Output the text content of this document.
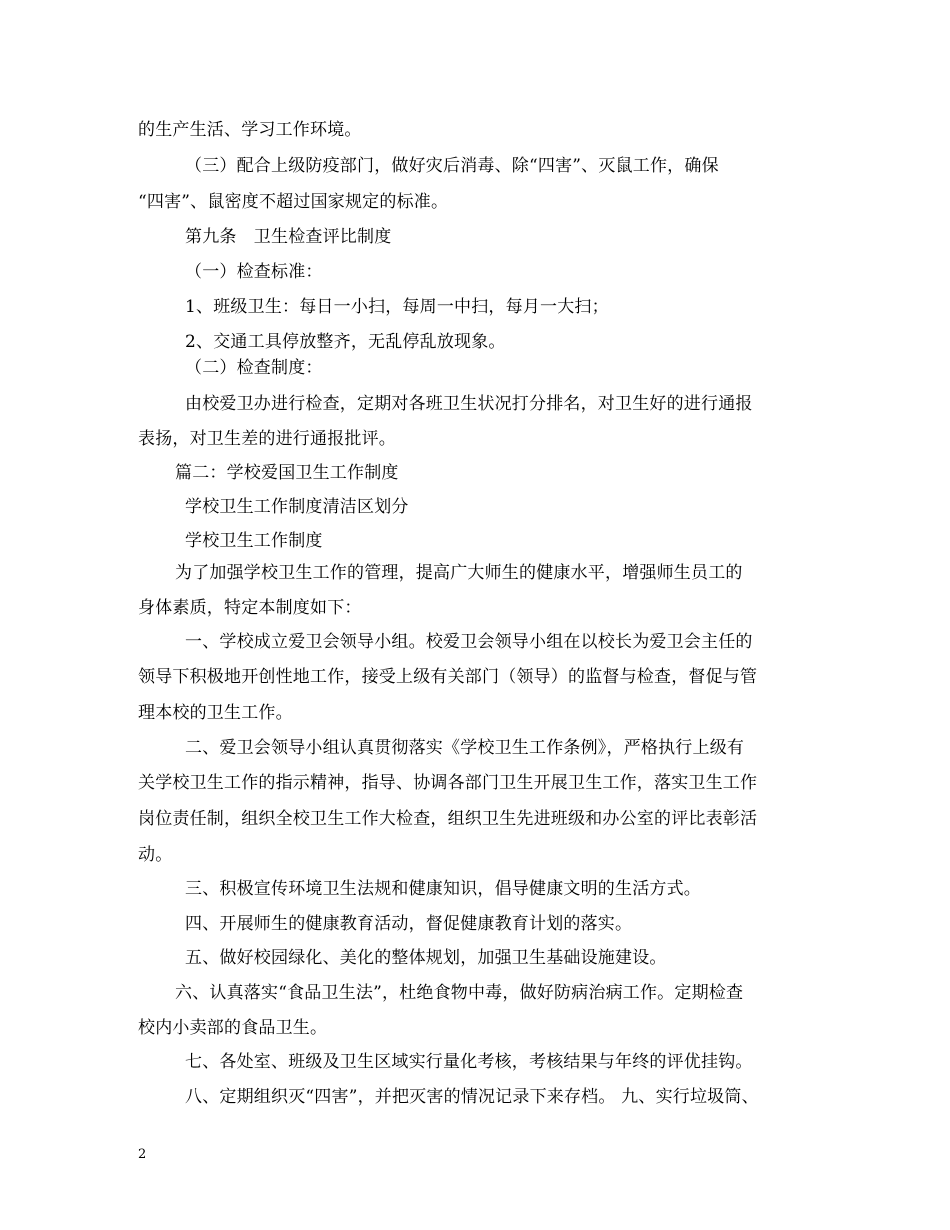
的生产生活、学习工作环境。
（三）配合上级防疫部门，做好灾后消毒、除“四害”、灭鼠工作，确保
“四害”、鼠密度不超过国家规定的标准。
第九条　卫生检查评比制度
（一）检查标准：
1、班级卫生：每日一小扫，每周一中扫，每月一大扫；
2、交通工具停放整齐，无乱停乱放现象。
（二）检查制度：
由校爱卫办进行检查，定期对各班卫生状况打分排名，对卫生好的进行通报
表扬，对卫生差的进行通报批评。
篇二：学校爱国卫生工作制度
学校卫生工作制度清洁区划分
学校卫生工作制度
为了加强学校卫生工作的管理，提高广大师生的健康水平，增强师生员工的
身体素质，特定本制度如下：
一、学校成立爱卫会领导小组。校爱卫会领导小组在以校长为爱卫会主任的
领导下积极地开创性地工作，接受上级有关部门（领导）的监督与检查，督促与管
理本校的卫生工作。
二、爱卫会领导小组认真贯彻落实《学校卫生工作条例》，严格执行上级有
关学校卫生工作的指示精神，指导、协调各部门卫生开展卫生工作，落实卫生工作
岗位责任制，组织全校卫生工作大检查，组织卫生先进班级和办公室的评比表彰活
动。
三、积极宣传环境卫生法规和健康知识，倡导健康文明的生活方式。
四、开展师生的健康教育活动，督促健康教育计划的落实。
五、做好校园绿化、美化的整体规划，加强卫生基础设施建设。
六、认真落实“食品卫生法”，杜绝食物中毒，做好防病治病工作。定期检查
校内小卖部的食品卫生。
七、各处室、班级及卫生区域实行量化考核，考核结果与年终的评优挂钩。
八、定期组织灭“四害”，并把灭害的情况记录下来存档。 九、实行垃圾筒、
2
